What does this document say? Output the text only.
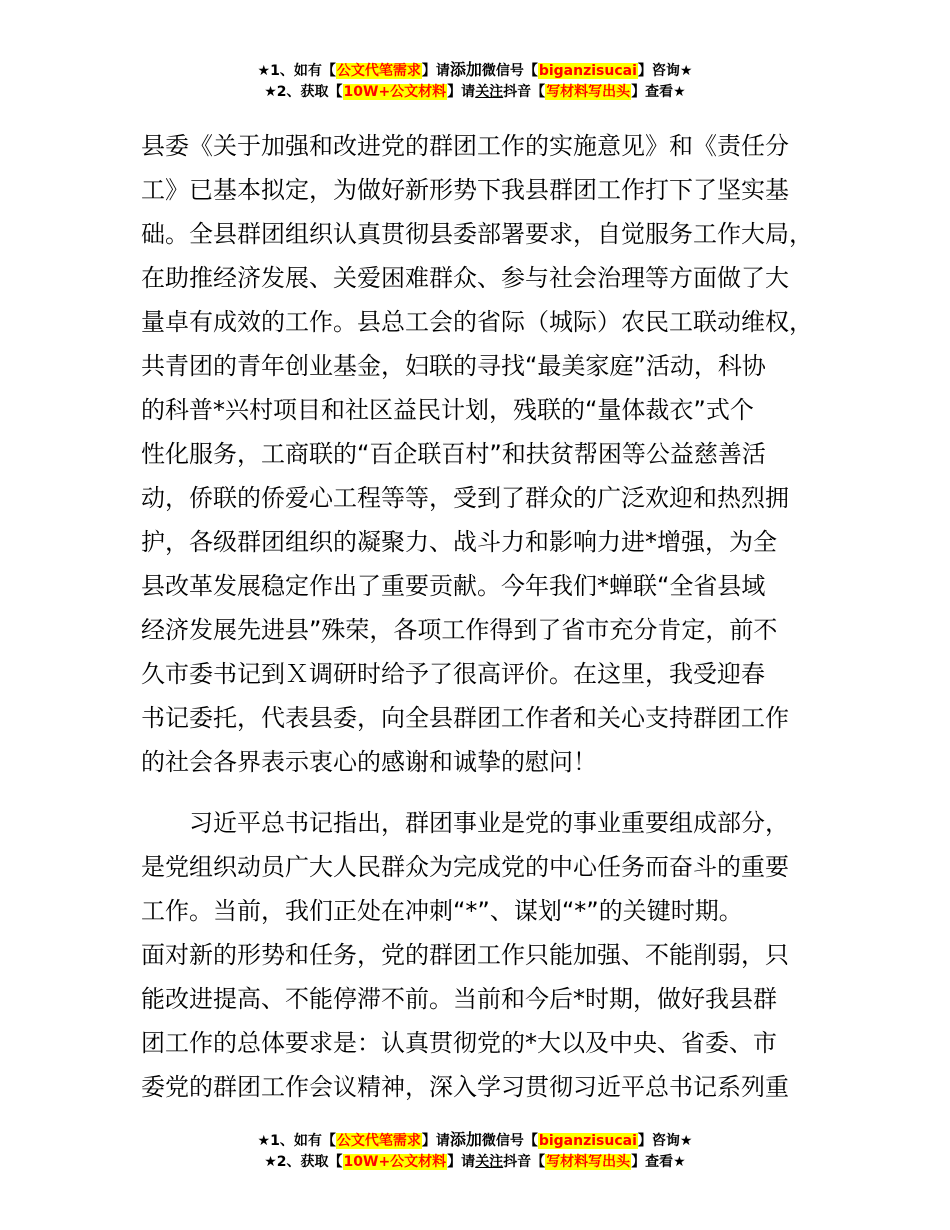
★1、如有【公文代笔需求】请添加微信号【biganzisucai】咨询★
★2、获取【10W+公文材料】请关注抖音【写材料写出头】查看★
县委《关于加强和改进党的群团工作的实施意见》和《责任分
工》已基本拟定，为做好新形势下我县群团工作打下了坚实基
础。全县群团组织认真贯彻县委部署要求，自觉服务工作大局，
在助推经济发展、关爱困难群众、参与社会治理等方面做了大
量卓有成效的工作。县总工会的省际（城际）农民工联动维权，
共青团的青年创业基金，妇联的寻找“最美家庭”活动，科协
的科普*兴村项目和社区益民计划，残联的“量体裁衣”式个
性化服务，工商联的“百企联百村”和扶贫帮困等公益慈善活
动，侨联的侨爱心工程等等，受到了群众的广泛欢迎和热烈拥
护，各级群团组织的凝聚力、战斗力和影响力进*增强，为全
县改革发展稳定作出了重要贡献。今年我们*蝉联“全省县域
经济发展先进县”殊荣，各项工作得到了省市充分肯定，前不
久市委书记到Ｘ调研时给予了很高评价。在这里，我受迎春
书记委托，代表县委，向全县群团工作者和关心支持群团工作
的社会各界表示衷心的感谢和诚挚的慰问！
习近平总书记指出，群团事业是党的事业重要组成部分，
是党组织动员广大人民群众为完成党的中心任务而奋斗的重要
工作。当前，我们正处在冲刺“*”、谋划“*”的关键时期。
面对新的形势和任务，党的群团工作只能加强、不能削弱，只
能改进提高、不能停滞不前。当前和今后*时期，做好我县群
团工作的总体要求是：认真贯彻党的*大以及中央、省委、市
委党的群团工作会议精神，深入学习贯彻习近平总书记系列重
★1、如有【公文代笔需求】请添加微信号【biganzisucai】咨询★
★2、获取【10W+公文材料】请关注抖音【写材料写出头】查看★
